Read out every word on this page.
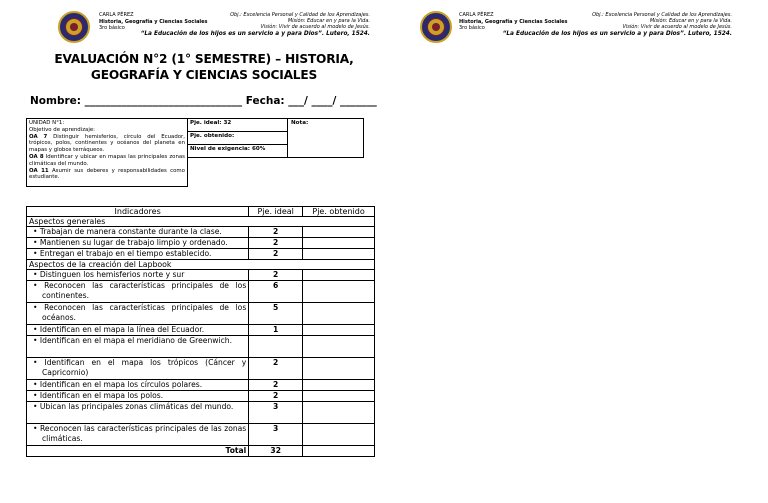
CARLA PÉREZ
Historia, Geografía y Ciencias Sociales
3ro básico
Obj.: Excelencia Personal y Calidad de los Aprendizajes.
Misión: Educar en y para la Vida.
Visión: Vivir de acuerdo al modelo de Jesús.
“La Educación de los hijos es un servicio a y para Dios”. Lutero, 1524.
CARLA PÉREZ
Historia, Geografía y Ciencias Sociales
3ro básico
Obj.: Excelencia Personal y Calidad de los Aprendizajes.
Misión: Educar en y para la Vida.
Visión: Vivir de acuerdo al modelo de Jesús.
“La Educación de los hijos es un servicio a y para Dios”. Lutero, 1524.
EVALUACIÓN N°2 (1° SEMESTRE) – HISTORIA, GEOGRAFÍA Y CIENCIAS SOCIALES
Nombre: ______________________________ Fecha: ___/ ____/ _______
UNIDAD N°1:
Objetivo de aprendizaje:
OA 7 Distinguir hemisferios, círculo del Ecuador, trópicos, polos, continentes y océanos del planeta en mapas y globos terráqueos.
OA 8 Identificar y ubicar en mapas las principales zonas climáticas del mundo.
OA 11 Asumir sus deberes y responsabilidades como estudiante.
Pje. ideal: 32
Pje. obtenido:
Nivel de exigencia: 60%
Nota:
Indicadores	Pje. ideal	Pje. obtenido
Aspectos generales		

• Trabajan de manera constante durante la clase.	2	

• Mantienen su lugar de trabajo limpio y ordenado.	2	

• Entregan el trabajo en el tiempo establecido.	2	
Aspectos de la creación del Lapbook		

• Distinguen los hemisferios norte y sur	2	

• Reconocen las características principales de los continentes.	6	

• Reconocen las características principales de los océanos.	5	

• Identifican en el mapa la línea del Ecuador.	1	

• Identifican en el mapa el meridiano de Greenwich.		

• Identifican en el mapa los trópicos (Cáncer y Capricornio)	2	

• Identifican en el mapa los círculos polares.	2	

• Identifican en el mapa los polos.	2	

• Ubican las principales zonas climáticas del mundo.	3	

• Reconocen las características principales de las zonas climáticas.	3	
Total	32	
